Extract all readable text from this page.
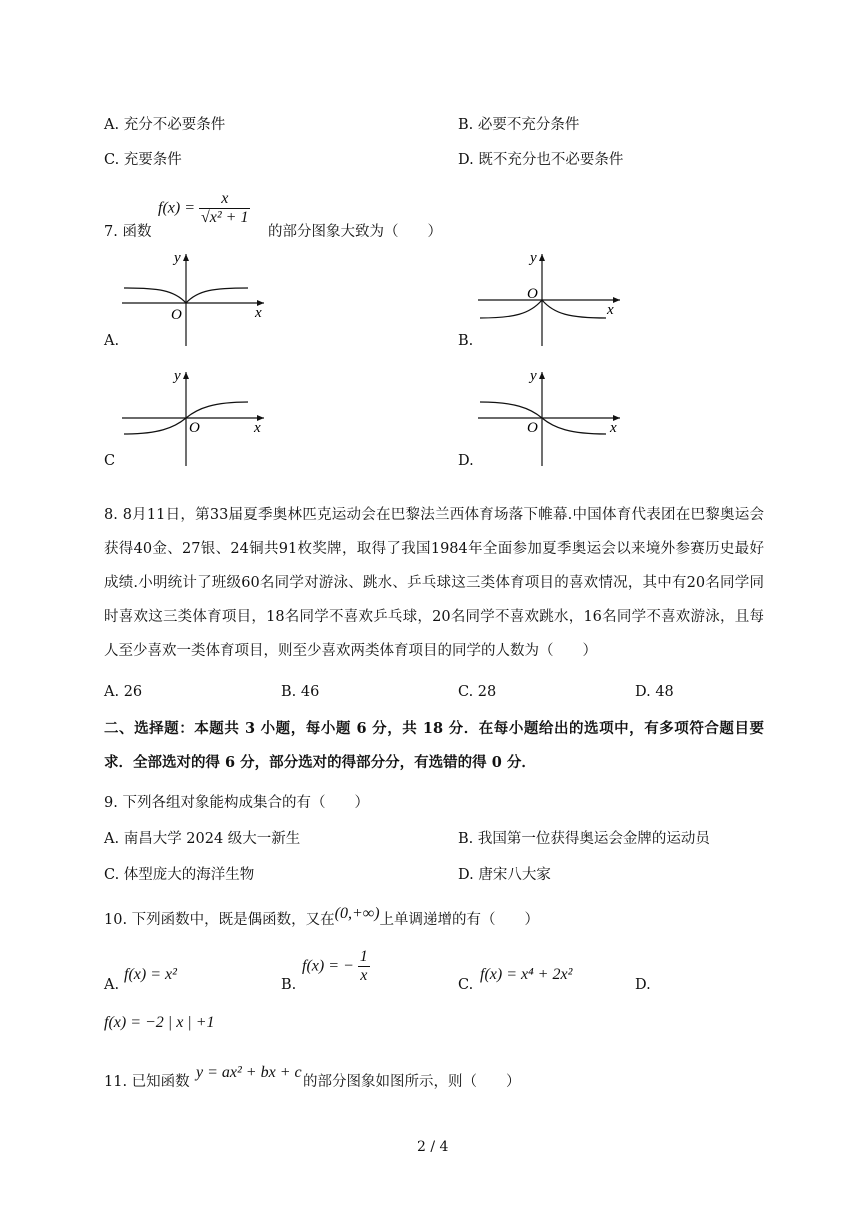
A. 充分不必要条件	B. 必要不充分条件
C. 充要条件	D. 既不充分也不必要条件
7. 函数
$f(x) = \frac{x}{\text{√x² + 1}}$
的部分图象大致为（　　）
x
y
O
A.
x
y
O
B.
x
y
O
C
x
y
O
D.
8. 8月11日，第33届夏季奥林匹克运动会在巴黎法兰西体育场落下帷幕.中国体育代表团在巴黎奥运会获得40金、27银、24铜共91枚奖牌，取得了我国1984年全面参加夏季奥运会以来境外参赛历史最好成绩.小明统计了班级60名同学对游泳、跳水、乒乓球这三类体育项目的喜欢情况，其中有20名同学同时喜欢这三类体育项目，18名同学不喜欢乒乓球，20名同学不喜欢跳水，16名同学不喜欢游泳，且每人至少喜欢一类体育项目，则至少喜欢两类体育项目的同学的人数为（　　）
A. 26	B. 46	C. 28	D. 48
二、选择题：本题共 3 小题，每小题 6 分，共 18 分．在每小题给出的选项中，有多项符合题目要求．全部选对的得 6 分，部分选对的得部分分，有选错的得 0 分．
9. 下列各组对象能构成集合的有（　　）
A. 南昌大学 2024 级大一新生	B. 我国第一位获得奥运会金牌的运动员
C. 体型庞大的海洋生物	D. 唐宋八大家
10. 下列函数中，既是偶函数，又在(0,+∞)上单调递增的有（　　）
A.
f(x) = x²
B.
f(x) = − $\frac{1}{x}$	C.
f(x) = x⁴ + 2x²
D.
f(x) = −2 | x | +1
11. 已知函数
y = ax² + bx + c
的部分图象如图所示，则（　　）
2 / 4
